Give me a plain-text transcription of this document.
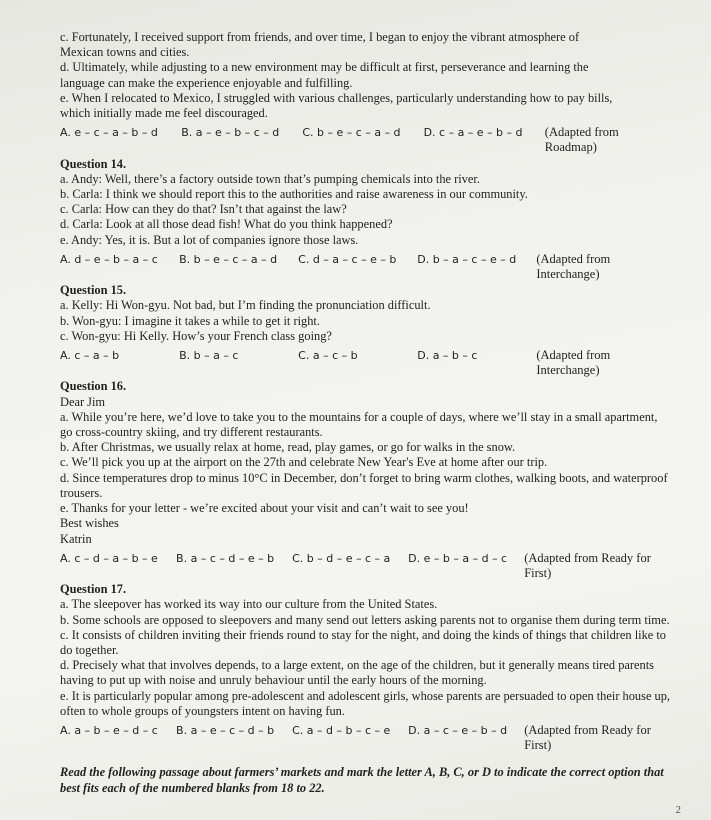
c. Fortunately, I received support from friends, and over time, I began to enjoy the vibrant atmosphere of
Mexican towns and cities.
d. Ultimately, while adjusting to a new environment may be difficult at first, perseverance and learning the
language can make the experience enjoyable and fulfilling.
e. When I relocated to Mexico, I struggled with various challenges, particularly understanding how to pay bills,
which initially made me feel discouraged.
A. e – c – a – b – d	B. a – e – b – c – d	C. b – e – c – a – d	D. c – a – e – b – d	(Adapted from Roadmap)
Question 14.
a. Andy: Well, there’s a factory outside town that’s pumping chemicals into the river.
b. Carla: I think we should report this to the authorities and raise awareness in our community.
c. Carla: How can they do that? Isn’t that against the law?
d. Carla: Look at all those dead fish! What do you think happened?
e. Andy: Yes, it is. But a lot of companies ignore those laws.
A. d – e – b – a – c	B. b – e – c – a – d	C. d – a – c – e – b	D. b – a – c – e – d	(Adapted from Interchange)
Question 15.
a. Kelly: Hi Won-gyu. Not bad, but I’m finding the pronunciation difficult.
b. Won-gyu: I imagine it takes a while to get it right.
c. Won-gyu: Hi Kelly. How’s your French class going?
A. c – a – b	B. b – a – c	C. a – c – b	D. a – b – c	(Adapted from Interchange)
Question 16.
Dear Jim
a. While you’re here, we’d love to take you to the mountains for a couple of days, where we’ll stay in a small apartment, go cross-country skiing, and try different restaurants.
b. After Christmas, we usually relax at home, read, play games, or go for walks in the snow.
c. We’ll pick you up at the airport on the 27th and celebrate New Year's Eve at home after our trip.
d. Since temperatures drop to minus 10°C in December, don’t forget to bring warm clothes, walking boots, and waterproof trousers.
e. Thanks for your letter - we’re excited about your visit and can’t wait to see you!
Best wishes
Katrin
A. c – d – a – b – e	B. a – c – d – e – b	C. b – d – e – c – a	D. e – b – a – d – c	(Adapted from Ready for First)
Question 17.
a. The sleepover has worked its way into our culture from the United States.
b. Some schools are opposed to sleepovers and many send out letters asking parents not to organise them during term time.
c. It consists of children inviting their friends round to stay for the night, and doing the kinds of things that children like to do together.
d. Precisely what that involves depends, to a large extent, on the age of the children, but it generally means tired parents having to put up with noise and unruly behaviour until the early hours of the morning.
e. It is particularly popular among pre-adolescent and adolescent girls, whose parents are persuaded to open their house up, often to whole groups of youngsters intent on having fun.
A. a – b – e – d – c	B. a – e – c – d – b	C. a – d – b – c – e	D. a – c – e – b – d	(Adapted from Ready for First)
Read the following passage about farmers’ markets and mark the letter A, B, C, or D to indicate the correct option that best fits each of the numbered blanks from 18 to 22.
2
